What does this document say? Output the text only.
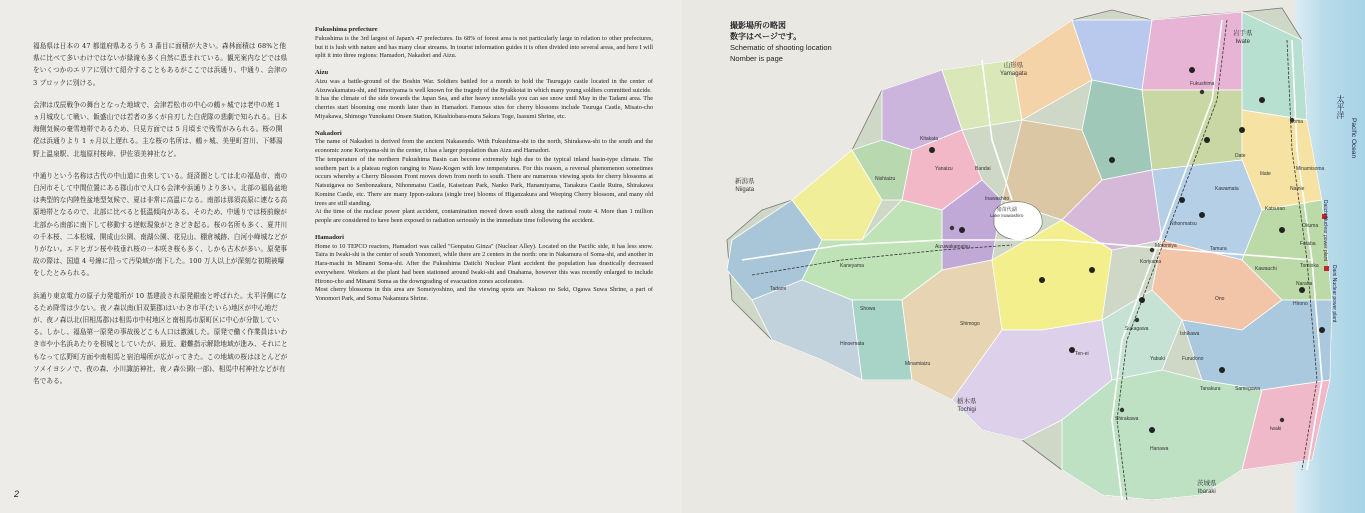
福島県は日本の 47 都道府県あるうち 3 番目に面積が大きい。森林面積は 68%と他県に比べて多いわけではないが緑滝も多く自然に恵まれている。観光案内などでは県をいくつかのエリアに別けて紹介することもあるがここでは浜通り、中通り、会津の 3 ブロックに別ける。

会津は戊辰戦争の舞台となった地域で、会津若松市の中心の鶴ヶ城では老中の庭 1 ヵ月城攻して戦い、飯盛山では若者の多くが自刃した白虎隊の悲劇で知られる。日本海側気候の豪雪地帯であるため、只見方面では 5 月頃まで残雪がみられる。桜の開花は浜通りより 1 ヵ月以上遅れる。主な桜の名所は、鶴ヶ城、美里町宮川、下郷湯野上温泉駅、北塩原村桜峠、伊佐須美神社など。

中通りという名称は古代の中山道に由来している。経済圏としては北の福島市、南の白河市そして中間位置にある郡山市で人口も会津や浜通りより多い。北部の福島盆地は典型的な内陸性盆地型気候で、夏は非常に高温になる。南部は那須高原に連なる高原地帯となるので、北部に比べると低温傾向がある。そのため、中通りでは桜前線が北部から南部に南下して移動する逆転現象がときどき起る。桜の名所も多く、夏井川の千本桜、二本松城、開成山公園、南湖公園、花見山、棚倉城跡、白河小峰城などがりがない。エドヒガン桜や枝垂れ桜の一本咲き桜も多く、しかも古木が多い。原発事故の際は、国道 4 号線に沿って汚染域が南下した。100 万人以上が深刻な初期被曝をしたとみられる。

浜通り東京電力の原子力発電所が 10 基建設され原発銀座と呼ばれた。太平洋側になるため降雪は少ない。夜ノ森以南(旧双葉郡)はいわき市平(たいら)地区が中心地だが、夜ノ森以北(旧相馬郡)は相馬市中村地区と南相馬市原町区に中心が分散している。しかし、福島第一原発の事故後どこも人口は激減した。原発で働く作業員はいわき市や小名浜あたりを根城としていたが、最近、避難指示解除地域が進み、それにともなって広野町方面や南相馬と宿泊場所が広がってきた。この地域の桜はほとんどがソメイヨシノで、夜の森、小川諏訪神社、夜ノ森公園(一部)、相馬中村神社などが有名である。

Fukushima prefecture

Fukushima is the 3rd largest of Japan's 47 prefectures. Its 68% of forest area is not particularly large in relation to other prefectures, but it is lush with nature and has many clear streams. In tourist information guides it is often divided into several areas, and here I will split it into three regions: Hamadori, Nakadori and Aizu.

Aizu

Aizu was a battle-ground of the Boshin War. Soldiers battled for a month to hold the Tsurugajo castle located in the center of Aizuwakamatsu-shi, and Iimoriyama is well known for the tragedy of the Byakkotai in which many young soldiers committed suicide.

It has the climate of the side towards the Japan Sea, and after heavy snowfalls you can see snow until May in the Tadami area. The cherries start blooming one month later than in Hamadori. Famous sites for cherry blossoms include Tsuruga Castle, Misato-cho Miyakawa, Shimogo Yunokami Onsen Station, Kitashiobara-mura Sakura Toge, Isasumi Shrine, etc.

Nakadori

The name of Nakadori is derived from the ancient Nakasendo. With Fukushima-shi to the north, Shirakawa-shi to the south and the economic zone Koriyama-shi in the center, it has a larger population than Aizu and Hamadori.

The temperature of the northern Fukushima Basin can become extremely high due to the typical inland basin-type climate. The southern part is a plateau region ranging to Nasu-Kogen with low temperatures. For this reason, a reversal phenomenon sometimes occurs whereby a Cherry Blossom Front moves down from north to south. There are numerous viewing spots for cherry blossoms at Natsuigawa no Senbonzakura, Nihonmatsu Castle, Kaiseizan Park, Nanko Park, Hanamiyama, Tanakura Castle Ruins, Shirakawa Komine Castle, etc. There are many Ippon-zakura (single tree) blooms of Higanzakura and Weeping Cherry blossom, and many old trees are still standing.

At the time of the nuclear power plant accident, contamination moved down south along the national route 4. More than 1 million people are considered to have been exposed to radiation seriously in the immediate time following the accident.

Hamadori

Home to 10 TEPCO reactors, Hamadori was called "Genpatsu Ginza" (Nuclear Alley). Located on the Pacific side, it has less snow. Taira in Iwaki-shi is the center of south Yonomori, while there are 2 centers in the north: one in Nakamura of Soma-shi, and another in Hara-machi in Minami Soma-shi. After the Fukushima Daiichi Nuclear Plant accident the population has drastically decreased everywhere. Workers at the plant had been stationed around Iwaki-shi and Onahama, however this was recently enlarged to include Hirono-cho and Minami Soma as the downgrading of evacuation zones accelerates.

Most cherry blossoms in this area are Someiyoshino, and the viewing spots are Nakoso no Seki, Ogawa Suwa Shrine, a part of Yonomori Park, and Soma Nakamura Shrine.

2
撮影場所の略図
数字はページです。
Schematic of shooting location
Nomber is page
山形県
Yamagata
岩手県
Iwate
新潟県
Niigata
栃木県
Tochigi
茨城県
Ibaraki
猪苗代湖
Lake Inawashiro
太平洋
Pacific Ocean
Daiichi Nuclear power plant
Daini Nuclear power plant
Fukushima
Date
Soma
Aizuwakamatsu
Koriyama
Sukagawa
Shirakawa
Iwaki
Tamura
Nihonmatsu
Motomiya
Tadami
Showa
Minamiaizu
Kitakata
Inawashiro
Ishikawa
Tanakura
Futaba
Okuma
Tomioka
Naraha
Hirono
Kawamata
Katsurao
Namie
Minamisoma
Iitate
Ono
Hanawa
Yabuki
Ten-ei
Shimogo
Kawauchi
Samegawa
Furudono
Kaneyama
Hinoemata
Nishiaizu
Yanaizu	Bandai
